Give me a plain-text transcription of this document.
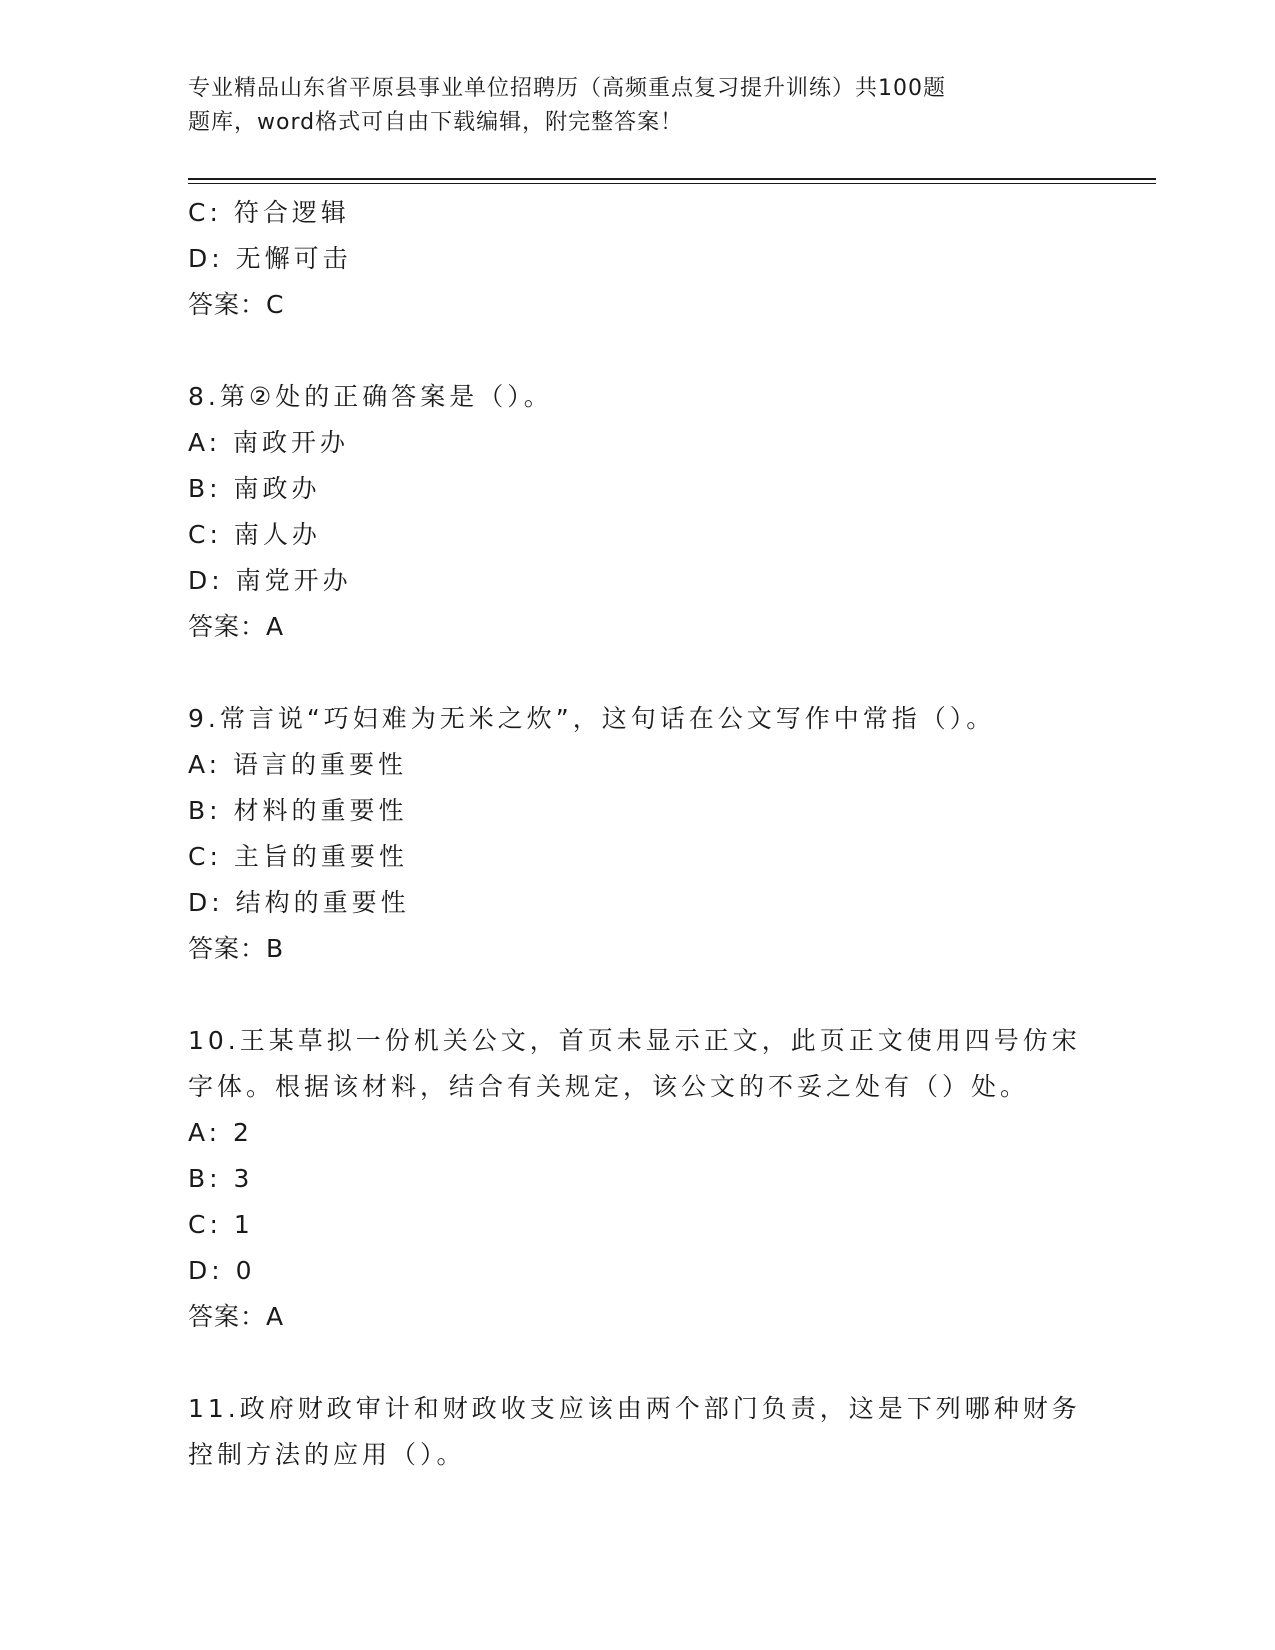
专业精品山东省平原县事业单位招聘历（高频重点复习提升训练）共100题
题库，word格式可自由下载编辑，附完整答案！
C: 符合逻辑
D: 无懈可击
答案：C
8.第②处的正确答案是（）。
A: 南政开办
B: 南政办
C: 南人办
D: 南党开办
答案：A
9.常言说“巧妇难为无米之炊”，这句话在公文写作中常指（）。
A: 语言的重要性
B: 材料的重要性
C: 主旨的重要性
D: 结构的重要性
答案：B
10.王某草拟一份机关公文，首页未显示正文，此页正文使用四号仿宋
字体。根据该材料，结合有关规定，该公文的不妥之处有（）处。
A: 2
B: 3
C: 1
D: 0
答案：A
11.政府财政审计和财政收支应该由两个部门负责，这是下列哪种财务
控制方法的应用（）。
